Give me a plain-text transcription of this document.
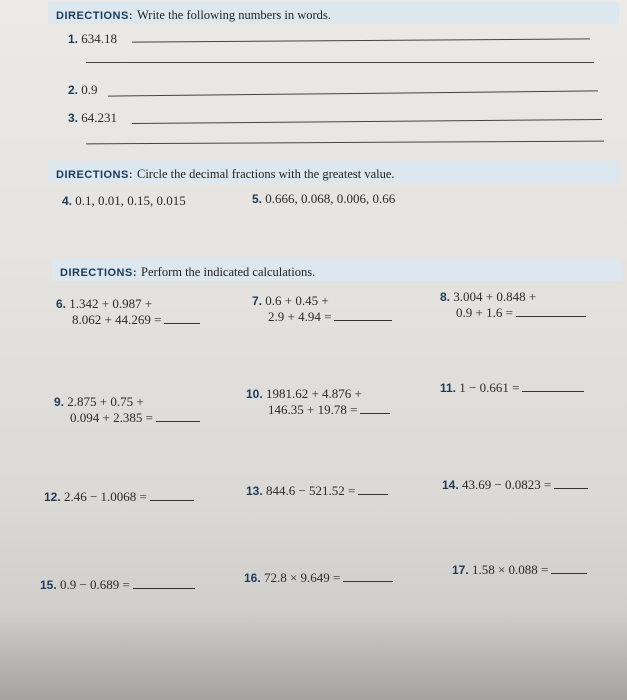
DIRECTIONS: Write the following numbers in words.
1. 634.18
2. 0.9
3. 64.231
DIRECTIONS: Circle the decimal fractions with the greatest value.
4. 0.1, 0.01, 0.15, 0.015	5. 0.666, 0.068, 0.006, 0.66
DIRECTIONS: Perform the indicated calculations.
6. 1.342 + 0.987 +
8.062 + 44.269 =
7. 0.6 + 0.45 +
2.9 + 4.94 =
8. 3.004 + 0.848 +
0.9 + 1.6 =
9. 2.875 + 0.75 +
0.094 + 2.385 =
10. 1981.62 + 4.876 +
146.35 + 19.78 =
11. 1 − 0.661 =
12. 2.46 − 1.0068 =	13. 844.6 − 521.52 =	14. 43.69 − 0.0823 =
15. 0.9 − 0.689 =	16. 72.8 × 9.649 =	17. 1.58 × 0.088 =
